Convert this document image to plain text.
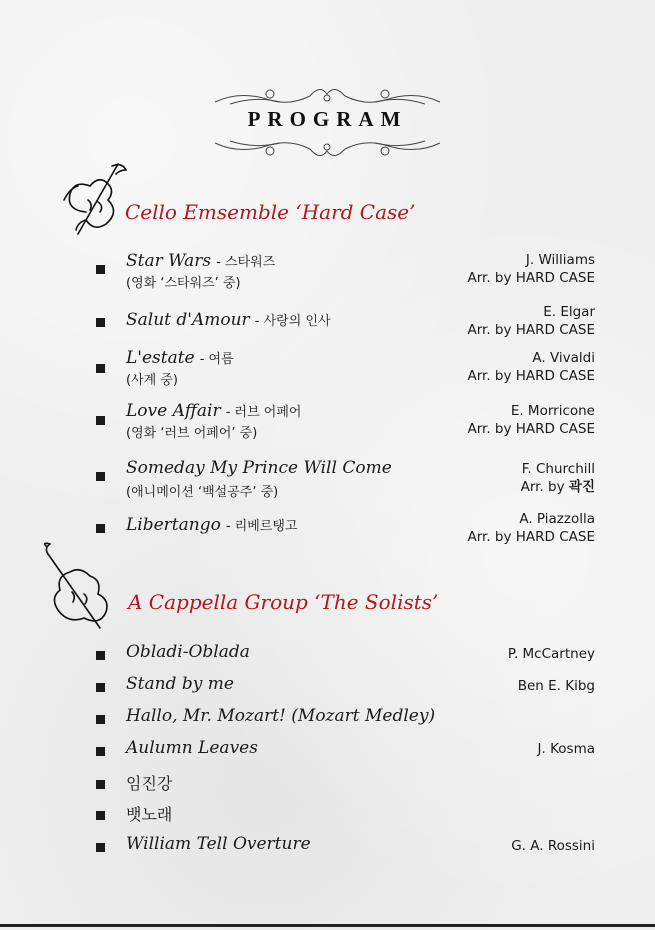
PROGRAM
Cello Emsemble ‘Hard Case’
Star Wars - 스타워즈
(영화 ‘스타워즈’ 중)
J. Williams
Arr. by HARD CASE
Salut d'Amour - 사랑의 인사
E. Elgar
Arr. by HARD CASE
L'estate - 여름
(사계 중)
A. Vivaldi
Arr. by HARD CASE
Love Affair - 러브 어페어
(영화 ‘러브 어페어’ 중)
E. Morricone
Arr. by HARD CASE
Someday My Prince Will Come
(애니메이션 ‘백설공주’ 중)
F. Churchill
Arr. by 곽진
Libertango - 리베르탱고	A. Piazzolla
Arr. by HARD CASE
A Cappella Group ‘The Solists’
Obladi-Oblada	P. McCartney
Stand by me	Ben E. Kibg
Hallo, Mr. Mozart! (Mozart Medley)
Aulumn Leaves	J. Kosma
임진강
뱃노래
William Tell Overture	G. A. Rossini
